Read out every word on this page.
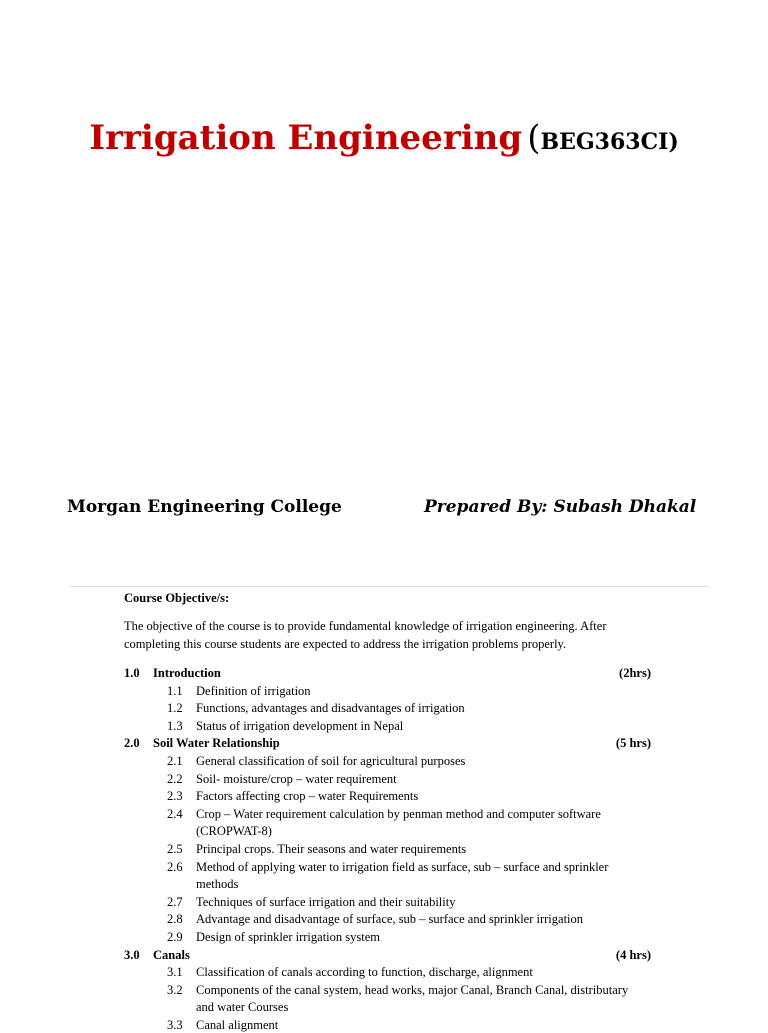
Irrigation Engineering (BEG363CI)
Morgan Engineering College	Prepared By: Subash Dhakal
Course Objective/s:
The objective of the course is to provide fundamental knowledge of irrigation engineering. After
completing this course students are expected to address the irrigation problems properly.
1.0 Introduction	(2hrs)
1.1 Definition of irrigation
1.2 Functions, advantages and disadvantages of irrigation
1.3 Status of irrigation development in Nepal
2.0 Soil Water Relationship	(5 hrs)
2.1 General classification of soil for agricultural purposes
2.2 Soil- moisture/crop – water requirement
2.3 Factors affecting crop – water Requirements
2.4 Crop – Water requirement calculation by penman method and computer software
(CROPWAT-8)
2.5 Principal crops. Their seasons and water requirements
2.6 Method of applying water to irrigation field as surface, sub – surface and sprinkler
methods
2.7 Techniques of surface irrigation and their suitability
2.8 Advantage and disadvantage of surface, sub – surface and sprinkler irrigation
2.9 Design of sprinkler irrigation system
3.0 Canals	(4 hrs)
3.1 Classification of canals according to function, discharge, alignment
3.2 Components of the canal system, head works, major Canal, Branch Canal, distributary
and water Courses
3.3 Canal alignment
